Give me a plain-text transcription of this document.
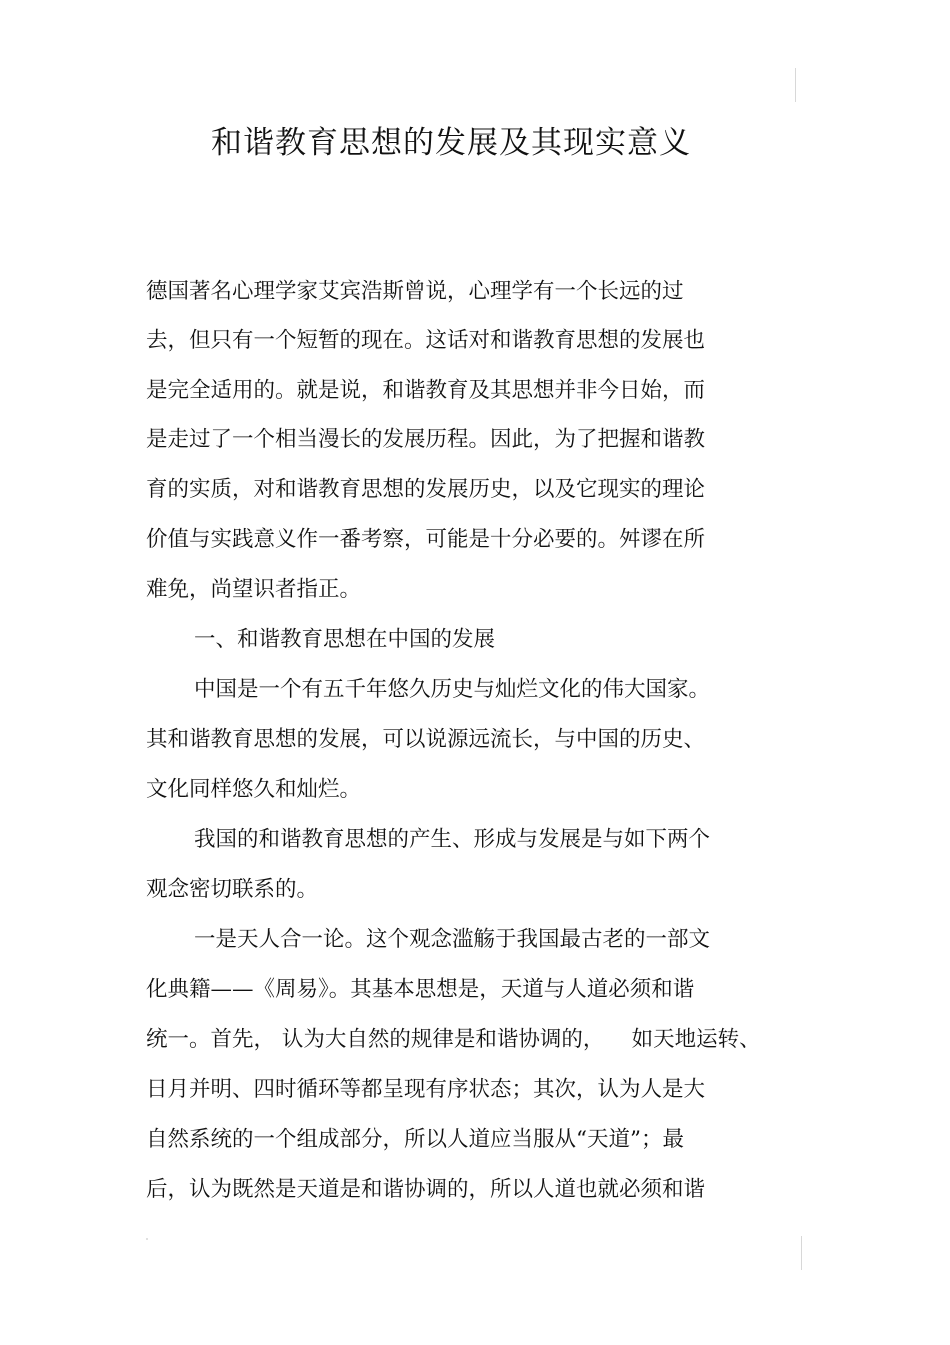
和谐教育思想的发展及其现实意义

德国著名心理学家艾宾浩斯曾说，心理学有一个长远的过

去，但只有一个短暂的现在。这话对和谐教育思想的发展也

是完全适用的。就是说，和谐教育及其思想并非今日始，而

是走过了一个相当漫长的发展历程。因此，为了把握和谐教

育的实质，对和谐教育思想的发展历史，以及它现实的理论

价值与实践意义作一番考察，可能是十分必要的。舛谬在所

难免，尚望识者指正。

一、和谐教育思想在中国的发展

中国是一个有五千年悠久历史与灿烂文化的伟大国家。

其和谐教育思想的发展，可以说源远流长，与中国的历史、

文化同样悠久和灿烂。

我国的和谐教育思想的产生、形成与发展是与如下两个

观念密切联系的。

一是天人合一论。这个观念滥觞于我国最古老的一部文

化典籍——《周易》。其基本思想是，天道与人道必须和谐

统一。首先， 认为大自然的规律是和谐协调的，    如天地运转、

日月并明、四时循环等都呈现有序状态；其次，认为人是大

自然系统的一个组成部分，所以人道应当服从“天道”；最

后，认为既然是天道是和谐协调的，所以人道也就必须和谐
